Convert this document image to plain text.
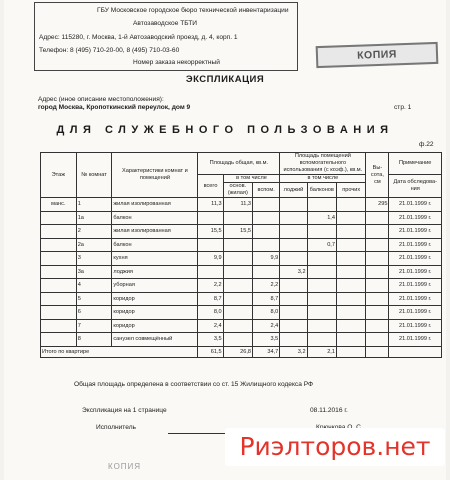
ГБУ Московское городское бюро технической инвентаризации
Автозаводское ТБТИ
Адрес: 115280, г. Москва, 1-й Автозаводский проезд, д. 4, корп. 1
Телефон: 8 (495) 710-20-00, 8 (495) 710-03-60
Номер заказа некорректный
КОПИЯ
ЭКСПЛИКАЦИЯ
Адрес (иное описание местоположения):
город Москва, Кропоткинский переулок, дом 9	стр. 1
ДЛЯ СЛУЖЕБНОГО ПОЛЬЗОВАНИЯ
ф.22
Этаж	№ комнат	Характеристики комнат и помещений	Площадь общая, кв.м.			Площадь помещений вспомогательного использования (с коэф.), кв.м.			Вы-сота, см	Примечание
			всего	в том числе		в том числе				Дата обследова-ния
				основ. (жилая)	вспом.	лоджий	балконов	прочих		
манс.	1	жилая изолированная	11,3	11,3					295	21.01.1999 г.
	1а	балкон					1,4			21.01.1999 г.
	2	жилая изолированная	15,5	15,5						21.01.1999 г.
	2а	балкон					0,7			21.01.1999 г.
	3	кухня	9,9		9,9					21.01.1999 г.
	3а	лоджия				3,2				21.01.1999 г.
	4	уборная	2,2		2,2					21.01.1999 г.
	5	коридор	8,7		8,7					21.01.1999 г.
	6	коридор	8,0		8,0					21.01.1999 г.
	7	коридор	2,4		2,4					21.01.1999 г.
	8	санузел совмещённый	3,5		3,5					21.01.1999 г.
Итого по квартире			61,5	26,8	34,7	3,2	2,1			
Общая площадь определена в соответствии со ст. 15 Жилищного кодекса РФ
Экспликация на 1 странице	08.11.2016 г.
Исполнитель
КОПИЯ
Риэлторов.нет
